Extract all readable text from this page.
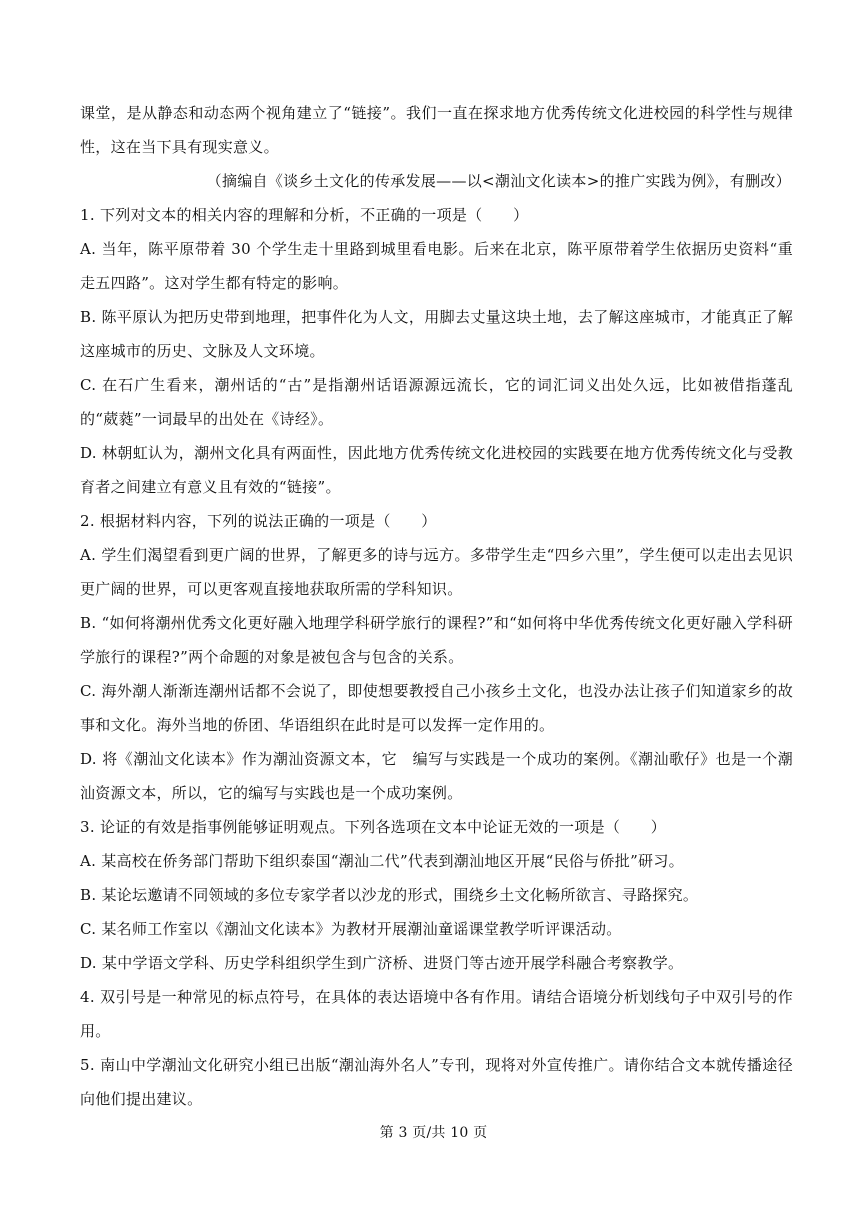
课堂，是从静态和动态两个视角建立了“链接”。我们一直在探求地方优秀传统文化进校园的科学性与规律性，这在当下具有现实意义。

（摘编自《谈乡土文化的传承发展——以<潮汕文化读本>的推广实践为例》，有删改）

1. 下列对文本的相关内容的理解和分析，不正确的一项是（　　）

A. 当年，陈平原带着 30 个学生走十里路到城里看电影。后来在北京，陈平原带着学生依据历史资料“重走五四路”。这对学生都有特定的影响。

B. 陈平原认为把历史带到地理，把事件化为人文，用脚去丈量这块土地，去了解这座城市，才能真正了解这座城市的历史、文脉及人文环境。

C. 在石广生看来，潮州话的“古”是指潮州话语源源远流长，它的词汇词义出处久远，比如被借指蓬乱的“葳蕤”一词最早的出处在《诗经》。

D. 林朝虹认为，潮州文化具有两面性，因此地方优秀传统文化进校园的实践要在地方优秀传统文化与受教育者之间建立有意义且有效的“链接”。

2. 根据材料内容，下列的说法正确的一项是（　　）

A. 学生们渴望看到更广阔的世界，了解更多的诗与远方。多带学生走“四乡六里”，学生便可以走出去见识更广阔的世界，可以更客观直接地获取所需的学科知识。

B. “如何将潮州优秀文化更好融入地理学科研学旅行的课程?”和“如何将中华优秀传统文化更好融入学科研学旅行的课程?”两个命题的对象是被包含与包含的关系。

C. 海外潮人渐渐连潮州话都不会说了，即使想要教授自己小孩乡土文化，也没办法让孩子们知道家乡的故事和文化。海外当地的侨团、华语组织在此时是可以发挥一定作用的。

D. 将《潮汕文化读本》作为潮汕资源文本，它　编写与实践是一个成功的案例。《潮汕歌仔》也是一个潮汕资源文本，所以，它的编写与实践也是一个成功案例。

3. 论证的有效是指事例能够证明观点。下列各选项在文本中论证无效的一项是（　　）

A. 某高校在侨务部门帮助下组织泰国“潮汕二代”代表到潮汕地区开展“民俗与侨批”研习。

B. 某论坛邀请不同领域的多位专家学者以沙龙的形式，围绕乡土文化畅所欲言、寻路探究。

C. 某名师工作室以《潮汕文化读本》为教材开展潮汕童谣课堂教学听评课活动。

D. 某中学语文学科、历史学科组织学生到广济桥、进贤门等古迹开展学科融合考察教学。

4. 双引号是一种常见的标点符号，在具体的表达语境中各有作用。请结合语境分析划线句子中双引号的作用。

5. 南山中学潮汕文化研究小组已出版“潮汕海外名人”专刊，现将对外宣传推广。请你结合文本就传播途径向他们提出建议。

第 3 页/共 10 页
